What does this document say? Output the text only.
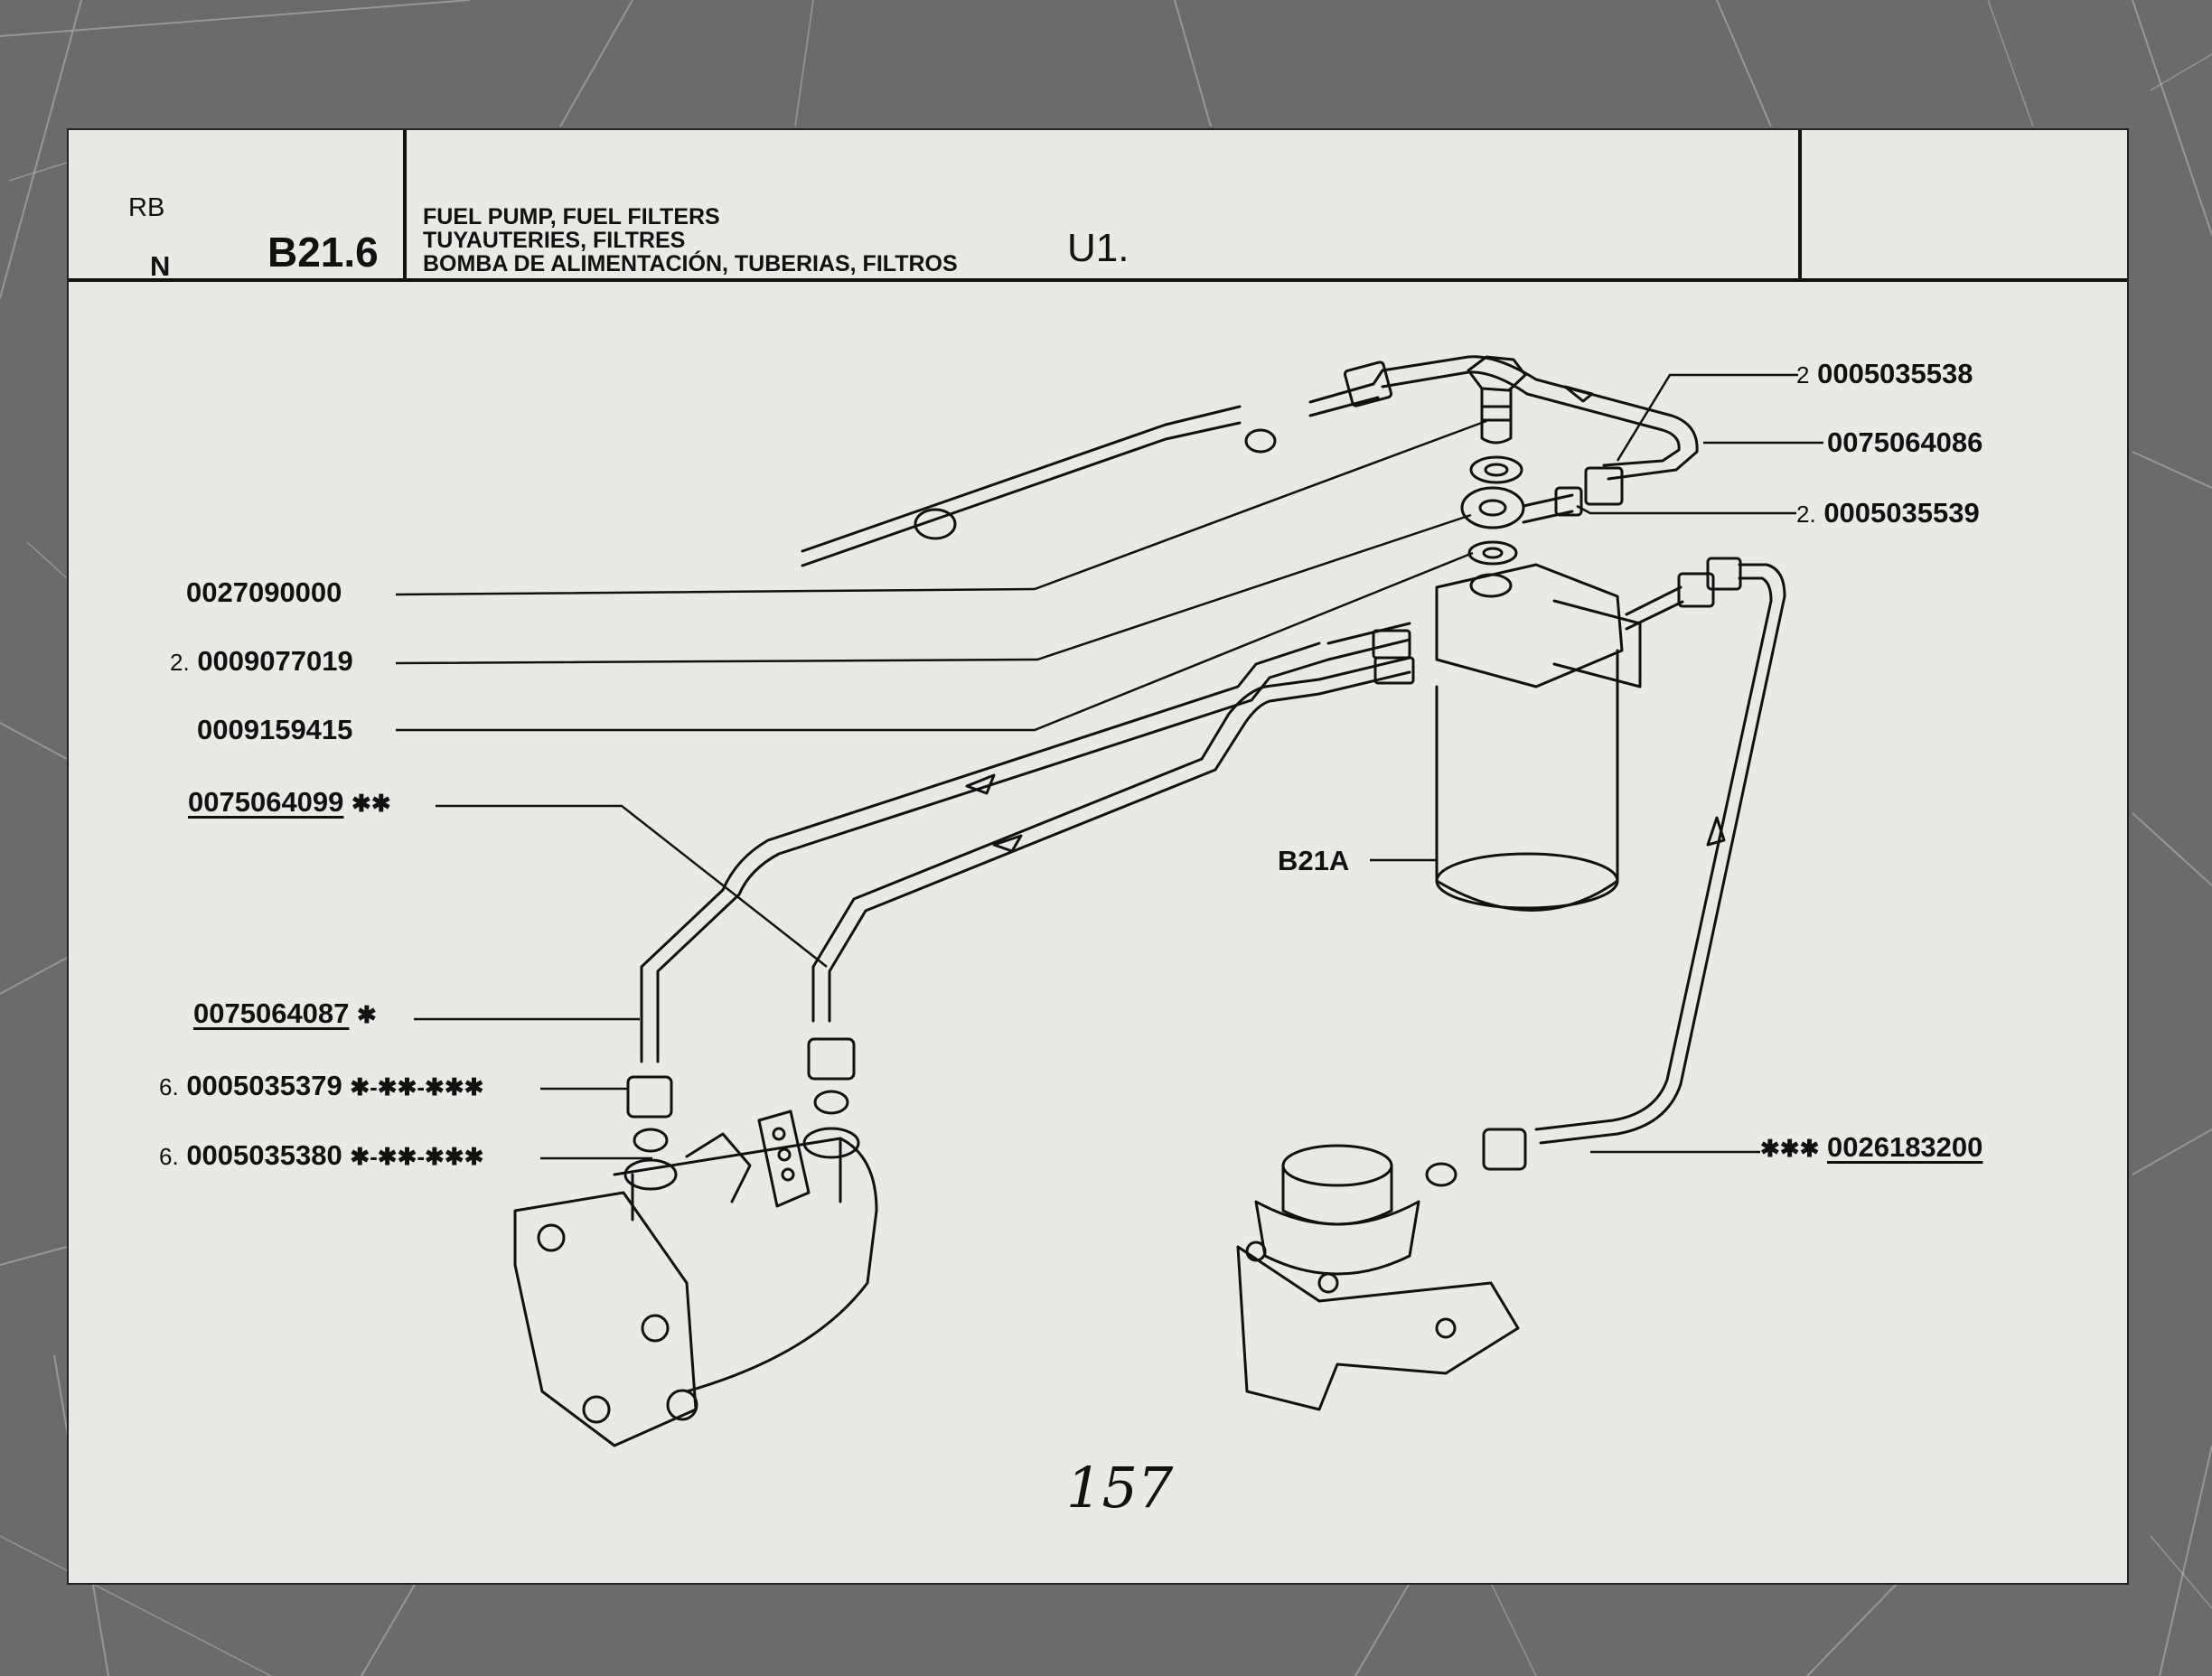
RB
N B21.6
FUEL PUMP, FUEL FILTERS
TUYAUTERIES, FILTRES
BOMBA DE ALIMENTACIÓN, TUBERIAS, FILTROS	U1.
0027090000
2. 0009077019
0009159415
0075064099 ✱✱
0075064087 ✱
6. 0005035379 ✱-✱✱-✱✱✱
6. 0005035380 ✱-✱✱-✱✱✱
2 0005035538
0075064086
2. 0005035539
✱✱✱ 0026183200
B21A
157
